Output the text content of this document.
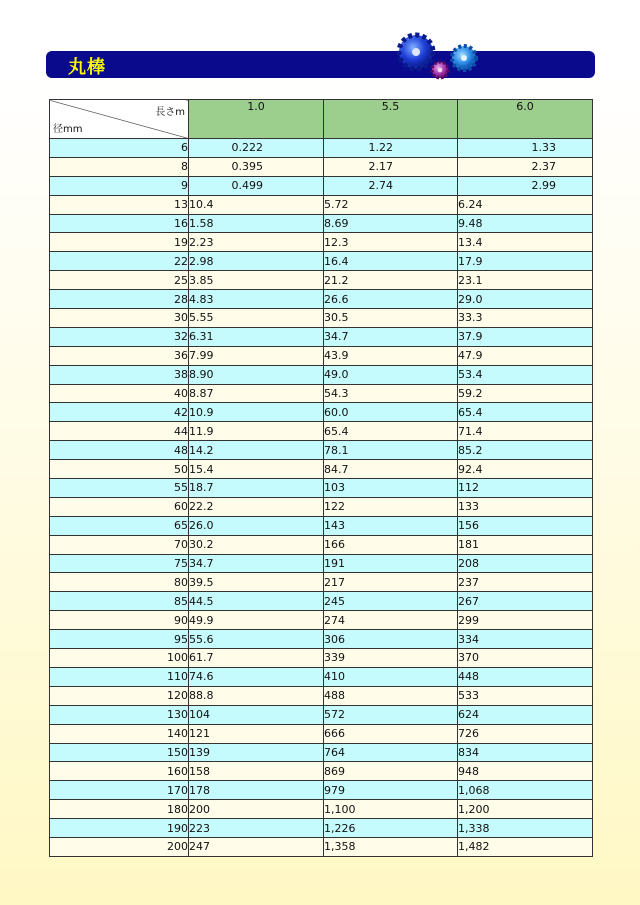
丸棒
長さm
径mm	1.0	5.5	6.0
6	0.222	1.22	1.33
8	0.395	2.17	2.37
9	0.499	2.74	2.99
13	10.4	5.72	6.24
16	1.58	8.69	9.48
19	2.23	12.3	13.4
22	2.98	16.4	17.9
25	3.85	21.2	23.1
28	4.83	26.6	29.0
30	5.55	30.5	33.3
32	6.31	34.7	37.9
36	7.99	43.9	47.9
38	8.90	49.0	53.4
40	8.87	54.3	59.2
42	10.9	60.0	65.4
44	11.9	65.4	71.4
48	14.2	78.1	85.2
50	15.4	84.7	92.4
55	18.7	103	112
60	22.2	122	133
65	26.0	143	156
70	30.2	166	181
75	34.7	191	208
80	39.5	217	237
85	44.5	245	267
90	49.9	274	299
95	55.6	306	334
100	61.7	339	370
110	74.6	410	448
120	88.8	488	533
130	104	572	624
140	121	666	726
150	139	764	834
160	158	869	948
170	178	979	1,068
180	200	1,100	1,200
190	223	1,226	1,338
200	247	1,358	1,482
